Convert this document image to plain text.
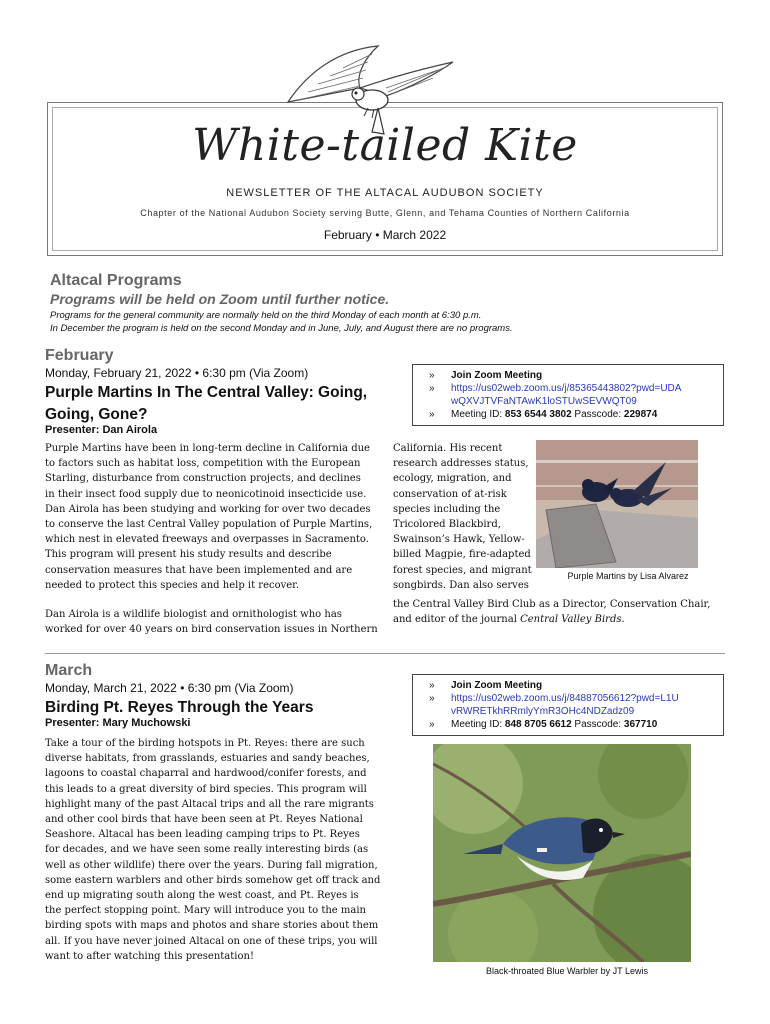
White-tailed Kite
NEWSLETTER OF THE ALTACAL AUDUBON SOCIETY
Chapter of the National Audubon Society serving Butte, Glenn, and Tehama Counties of Northern California
February • March 2022
Altacal Programs
Programs will be held on Zoom until further notice.
Programs for the general community are normally held on the third Monday of each month at 6:30 p.m.
In December the program is held on the second Monday and in June, July, and August there are no programs.
February
Monday, February 21, 2022 • 6:30 pm (Via Zoom)
Purple Martins In The Central Valley: Going,
Going, Gone?
Presenter: Dan Airola
»	Join Zoom Meeting
»	https://us02web.zoom.us/j/85365443802?pwd=UDA
wQXVJTVFaNTAwK1loSTUwSEVWQT09
»	Meeting ID: 853 6544 3802 Passcode: 229874
Purple Martins have been in long-term decline in California due
to factors such as habitat loss, competition with the European
Starling, disturbance from construction projects, and declines
in their insect food supply due to neonicotinoid insecticide use.
Dan Airola has been studying and working for over two decades
to conserve the last Central Valley population of Purple Martins,
which nest in elevated freeways and overpasses in Sacramento.
This program will present his study results and describe
conservation measures that have been implemented and are
needed to protect this species and help it recover.
Dan Airola is a wildlife biologist and ornithologist who has
worked for over 40 years on bird conservation issues in Northern
California. His recent
research addresses status,
ecology, migration, and
conservation of at-risk
species including the
Tricolored Blackbird,
Swainson’s Hawk, Yellow-
billed Magpie, fire-adapted
forest species, and migrant
songbirds. Dan also serves
the Central Valley Bird Club as a Director, Conservation Chair,
and editor of the journal Central Valley Birds.
Purple Martins by Lisa Alvarez
March
Monday, March 21, 2022 • 6:30 pm (Via Zoom)
Birding Pt. Reyes Through the Years
Presenter: Mary Muchowski
»	Join Zoom Meeting
»	https://us02web.zoom.us/j/84887056612?pwd=L1U
vRWRETkhRRmlyYmR3OHc4NDZadz09
»	Meeting ID: 848 8705 6612 Passcode: 367710
Take a tour of the birding hotspots in Pt. Reyes: there are such
diverse habitats, from grasslands, estuaries and sandy beaches,
lagoons to coastal chaparral and hardwood/conifer forests, and
this leads to a great diversity of bird species. This program will
highlight many of the past Altacal trips and all the rare migrants
and other cool birds that have been seen at Pt. Reyes National
Seashore. Altacal has been leading camping trips to Pt. Reyes
for decades, and we have seen some really interesting birds (as
well as other wildlife) there over the years. During fall migration,
some eastern warblers and other birds somehow get off track and
end up migrating south along the west coast, and Pt. Reyes is
the perfect stopping point. Mary will introduce you to the main
birding spots with maps and photos and share stories about them
all. If you have never joined Altacal on one of these trips, you will
want to after watching this presentation!
Black-throated Blue Warbler by JT Lewis
